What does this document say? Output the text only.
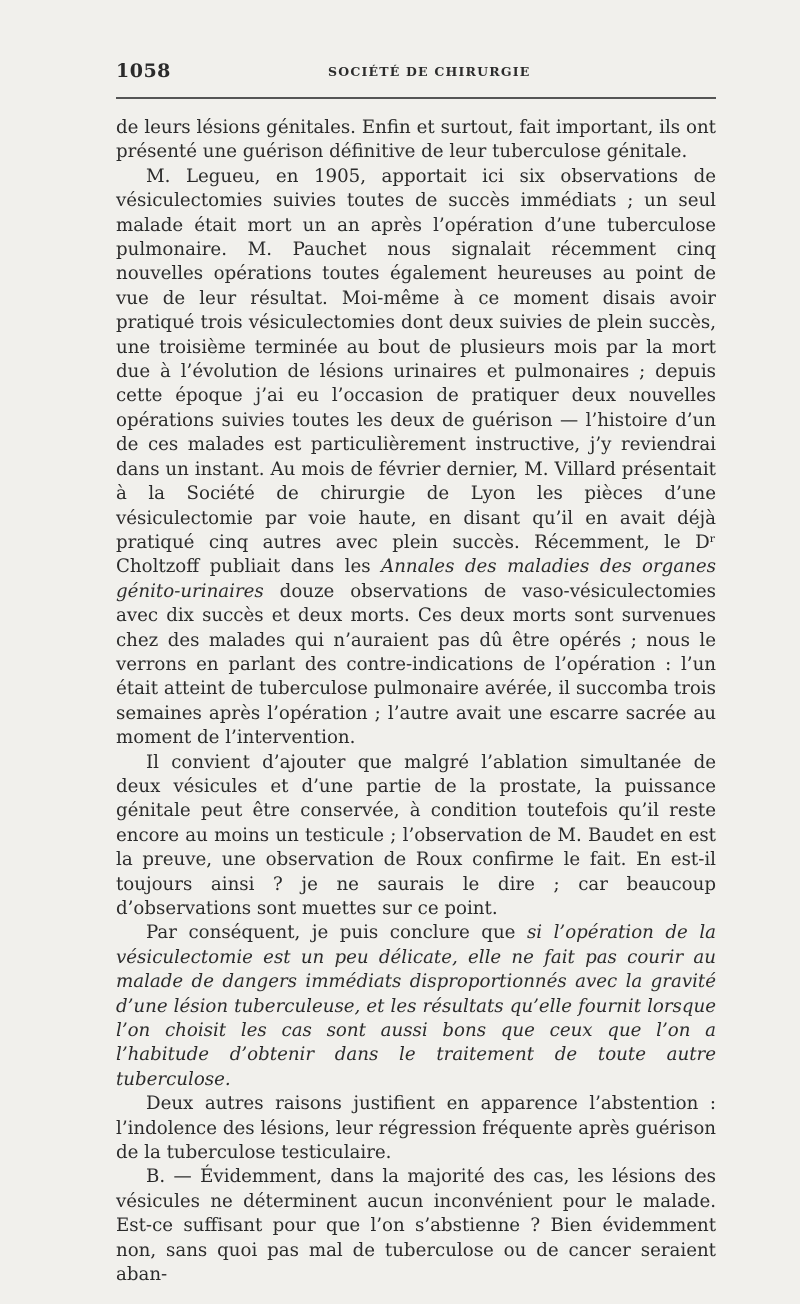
1058	SOCIÉTÉ DE CHIRURGIE

de leurs lésions génitales. Enfin et surtout, fait important, ils ont présenté une guérison définitive de leur tuberculose génitale.

M. Legueu, en 1905, apportait ici six observations de vésiculectomies suivies toutes de succès immédiats ; un seul malade était mort un an après l’opération d’une tuberculose pulmonaire. M. Pauchet nous signalait récemment cinq nouvelles opérations toutes également heureuses au point de vue de leur résultat. Moi-même à ce moment disais avoir pratiqué trois vésiculectomies dont deux suivies de plein succès, une troisième terminée au bout de plusieurs mois par la mort due à l’évolution de lésions urinaires et pulmonaires ; depuis cette époque j’ai eu l’occasion de pratiquer deux nouvelles opérations suivies toutes les deux de guérison — l’histoire d’un de ces malades est particulièrement instructive, j’y reviendrai dans un instant. Au mois de février dernier, M. Villard présentait à la Société de chirurgie de Lyon les pièces d’une vésiculectomie par voie haute, en disant qu’il en avait déjà pratiqué cinq autres avec plein succès. Récemment, le Dʳ Choltzoff publiait dans les Annales des maladies des organes génito-urinaires douze observations de vaso-vésiculectomies avec dix succès et deux morts. Ces deux morts sont survenues chez des malades qui n’auraient pas dû être opérés ; nous le verrons en parlant des contre-indications de l’opération : l’un était atteint de tuberculose pulmonaire avérée, il succomba trois semaines après l’opération ; l’autre avait une escarre sacrée au moment de l’intervention.

Il convient d’ajouter que malgré l’ablation simultanée de deux vésicules et d’une partie de la prostate, la puissance génitale peut être conservée, à condition toutefois qu’il reste encore au moins un testicule ; l’observation de M. Baudet en est la preuve, une observation de Roux confirme le fait. En est-il toujours ainsi ? je ne saurais le dire ; car beaucoup d’observations sont muettes sur ce point.

Par conséquent, je puis conclure que si l’opération de la vésiculectomie est un peu délicate, elle ne fait pas courir au malade de dangers immédiats disproportionnés avec la gravité d’une lésion tuberculeuse, et les résultats qu’elle fournit lorsque l’on choisit les cas sont aussi bons que ceux que l’on a l’habitude d’obtenir dans le traitement de toute autre tuberculose.

Deux autres raisons justifient en apparence l’abstention : l’indolence des lésions, leur régression fréquente après guérison de la tuberculose testiculaire.

B. — Évidemment, dans la majorité des cas, les lésions des vésicules ne déterminent aucun inconvénient pour le malade. Est-ce suffisant pour que l’on s’abstienne ? Bien évidemment non, sans quoi pas mal de tuberculose ou de cancer seraient aban-
